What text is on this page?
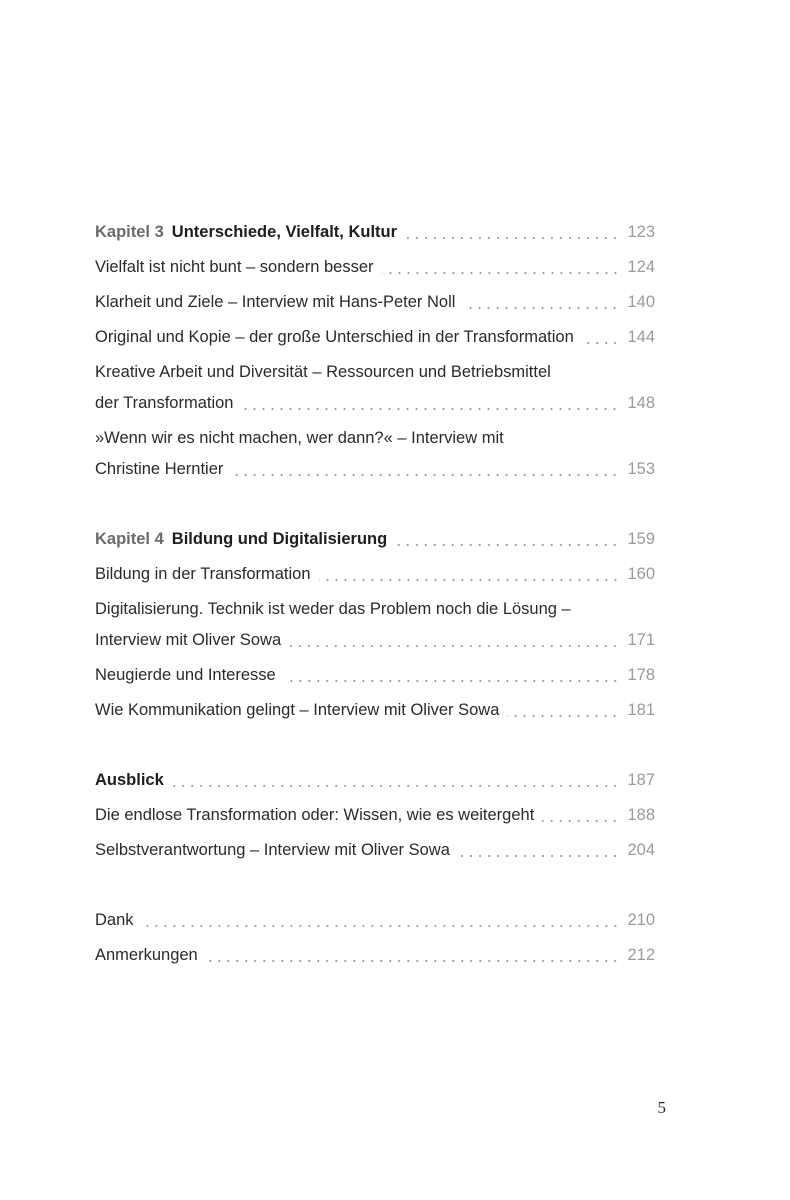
Kapitel 3 Unterschiede, Vielfalt, Kultur	123
Vielfalt ist nicht bunt – sondern besser	124
Klarheit und Ziele – Interview mit Hans-Peter Noll	140
Original und Kopie – der große Unterschied in der Transformation	144
Kreative Arbeit und Diversität – Ressourcen und Betriebsmittel
der Transformation	148
»Wenn wir es nicht machen, wer dann?« – Interview mit
Christine Herntier	153
Kapitel 4 Bildung und Digitalisierung	159
Bildung in der Transformation	160
Digitalisierung. Technik ist weder das Problem noch die Lösung –
Interview mit Oliver Sowa	171
Neugierde und Interesse	178
Wie Kommunikation gelingt – Interview mit Oliver Sowa	181
Ausblick	187
Die endlose Transformation oder: Wissen, wie es weitergeht	188
Selbstverantwortung – Interview mit Oliver Sowa	204
Dank	210
Anmerkungen	212
5
